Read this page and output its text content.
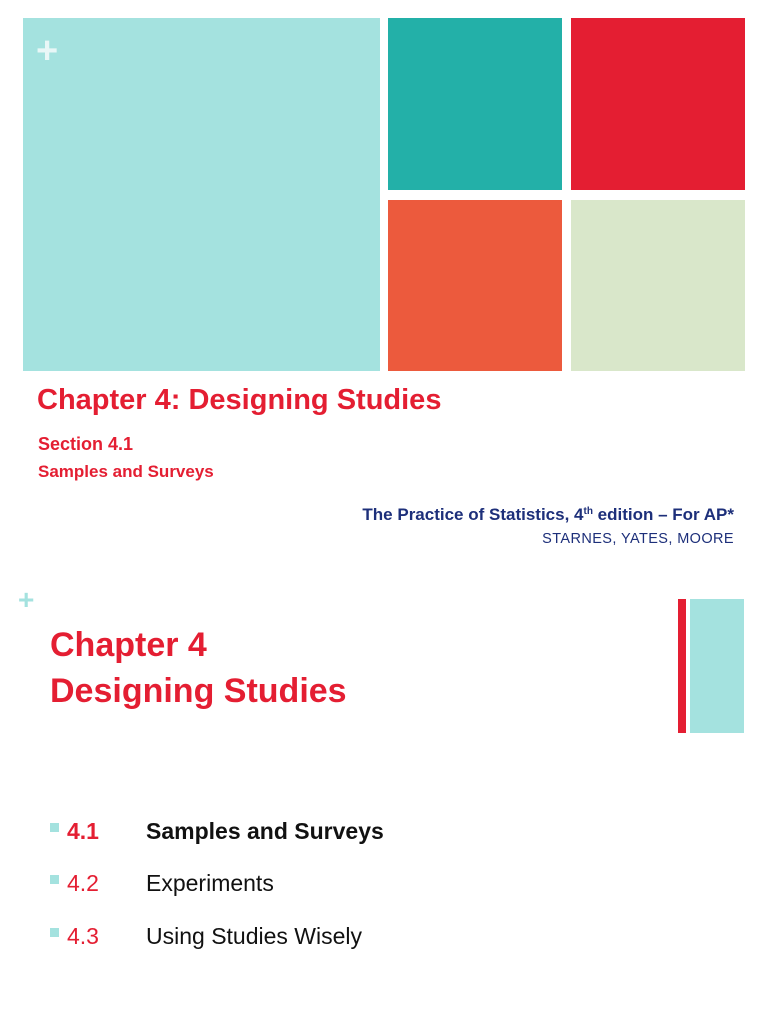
+
Chapter 4: Designing Studies
Section 4.1
Samples and Surveys
The Practice of Statistics, 4th edition – For AP*
STARNES, YATES, MOORE
+
Chapter 4
Designing Studies
4.1	Samples and Surveys
4.2	Experiments
4.3	Using Studies Wisely
